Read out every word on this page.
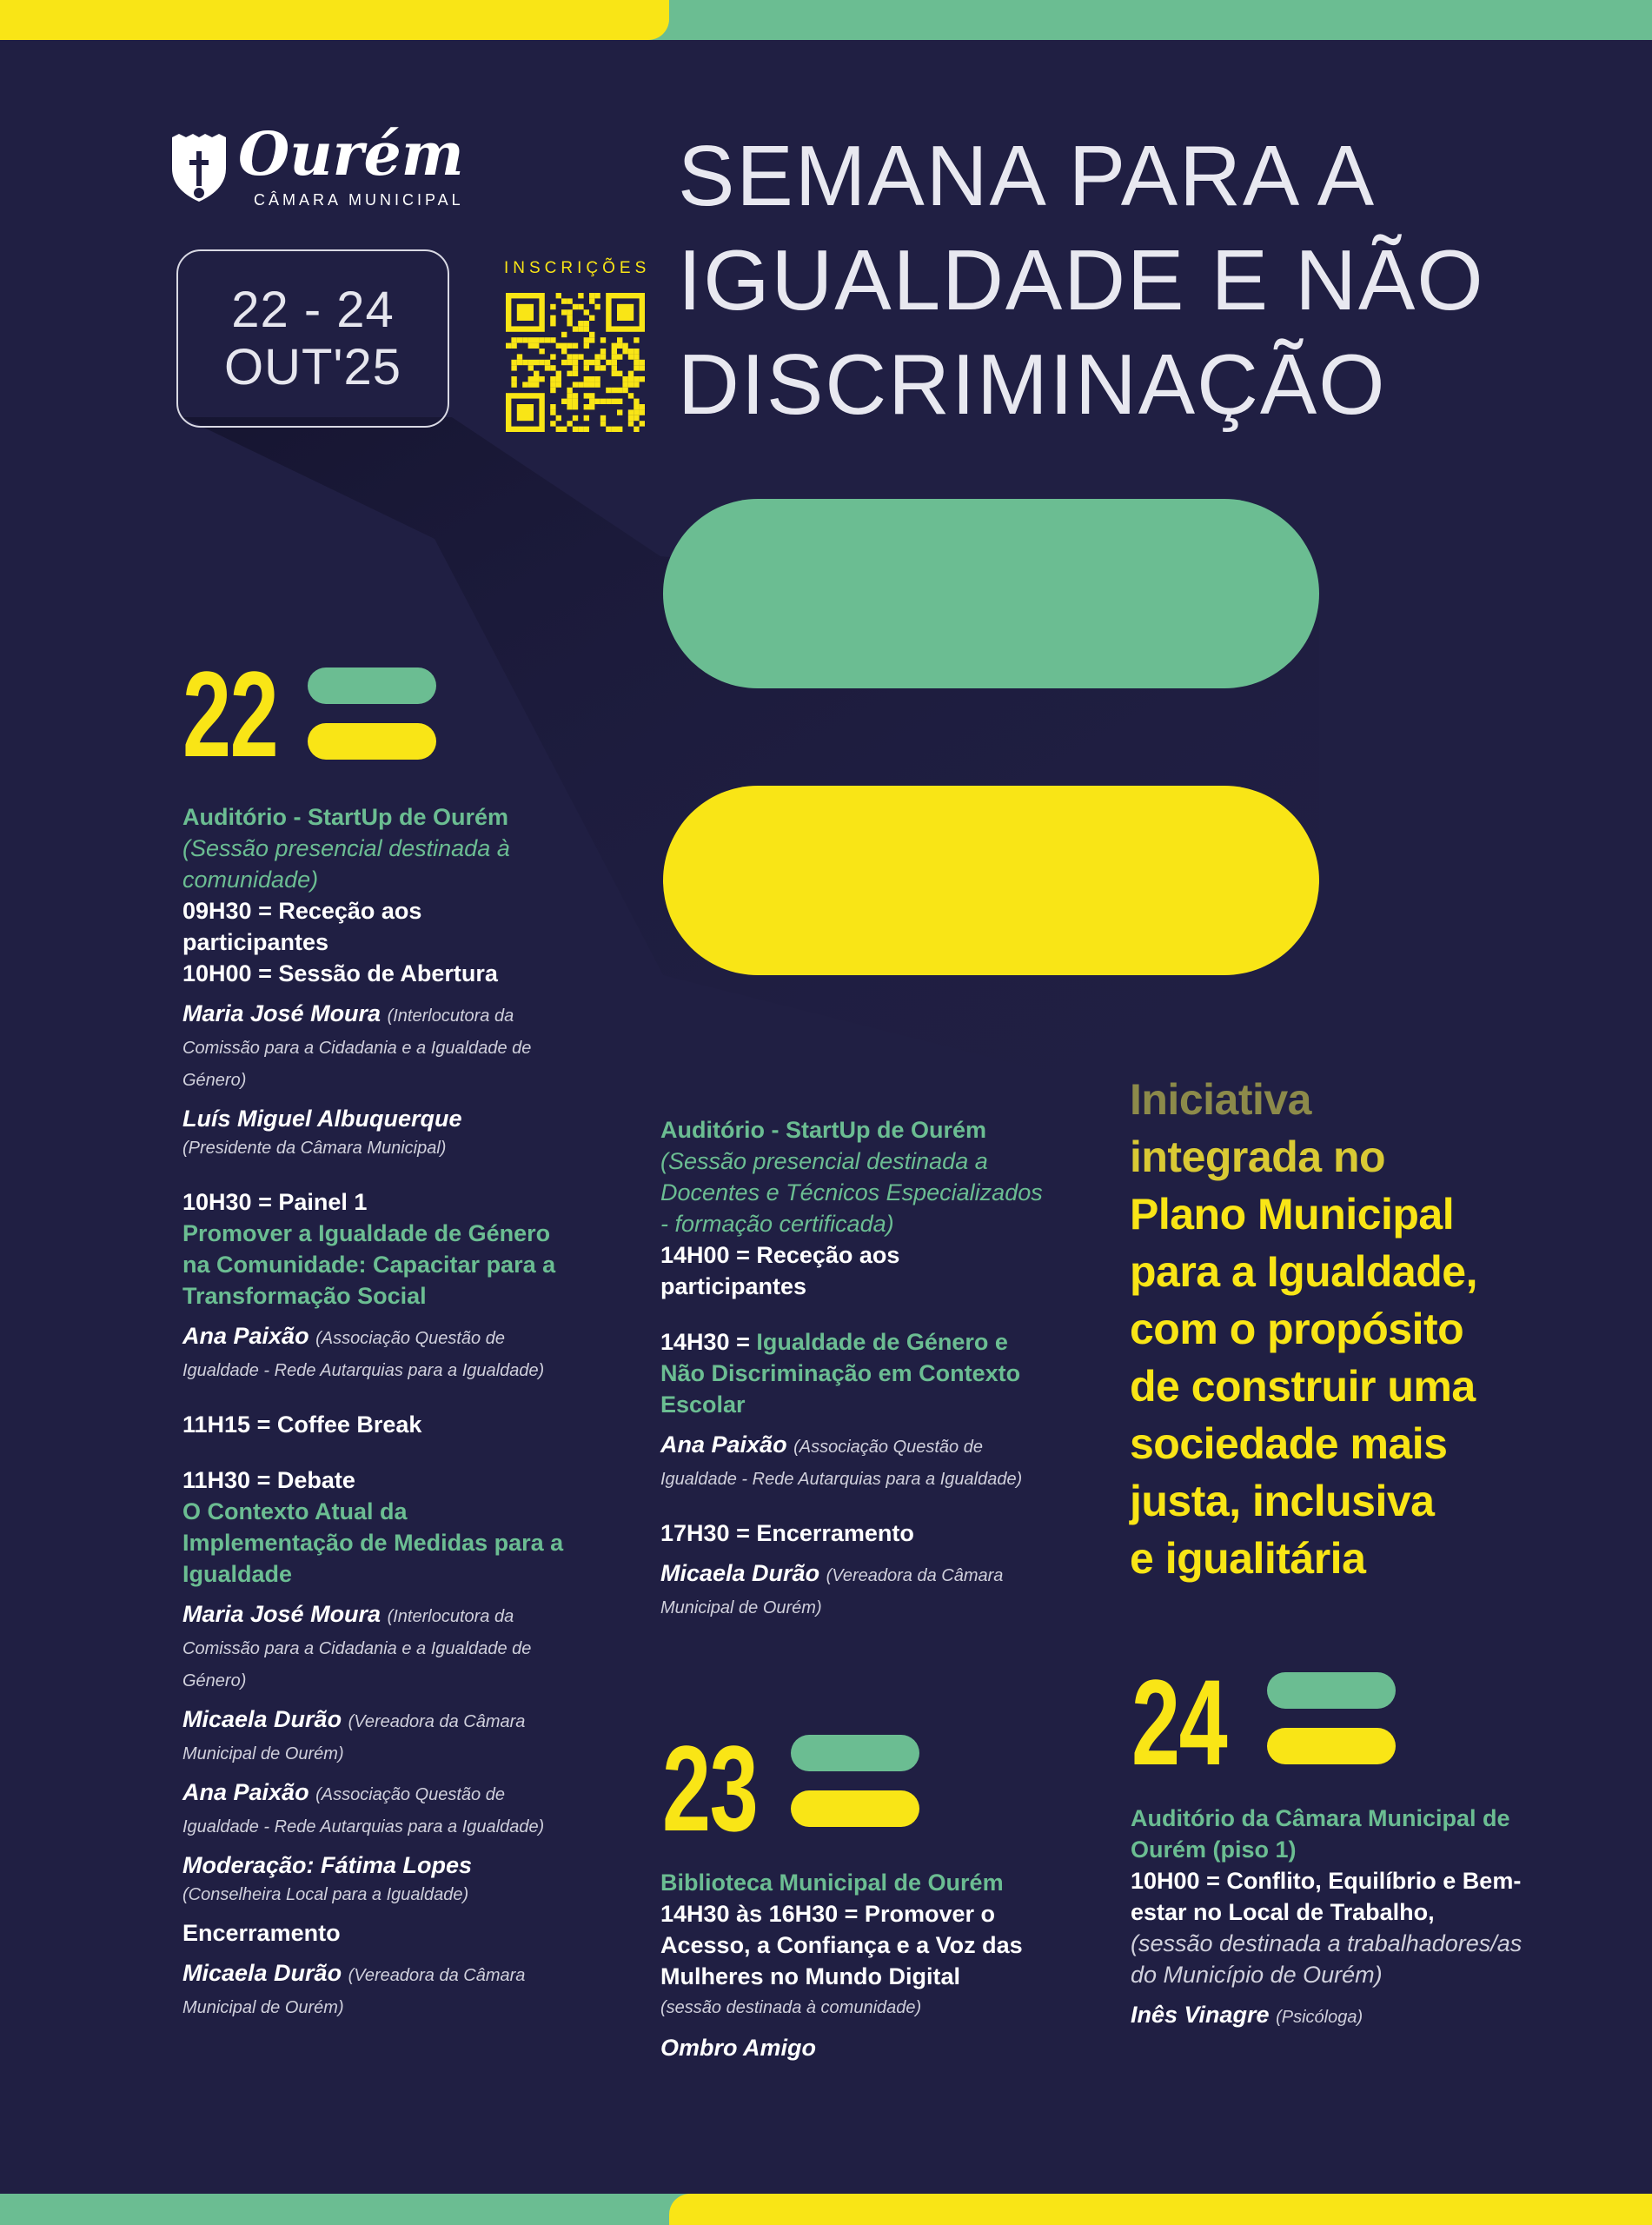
Ourém
CÂMARA MUNICIPAL
22 - 24
OUT'25
INSCRIÇÕES
SEMANA PARA A
IGUALDADE E NÃO
DISCRIMINAÇÃO
22

Auditório - StartUp de Ourém

(Sessão presencial destinada à comunidade)

09H30 = Receção aos participantes

10H00 = Sessão de Abertura

Maria José Moura (Interlocutora da Comissão para a Cidadania e a Igualdade de Género)
Luís Miguel Albuquerque
(Presidente da Câmara Municipal)

10H30 = Painel 1

Promover a Igualdade de Género na Comunidade: Capacitar para a Transformação Social

Ana Paixão (Associação Questão de Igualdade - Rede Autarquias para a Igualdade)

11H15 = Coffee Break

11H30 = Debate

O Contexto Atual da Implementação de Medidas para a Igualdade

Maria José Moura (Interlocutora da Comissão para a Cidadania e a Igualdade de Género)
Micaela Durão (Vereadora da Câmara Municipal de Ourém)
Ana Paixão (Associação Questão de Igualdade - Rede Autarquias para a Igualdade)
Moderação: Fátima Lopes
(Conselheira Local para a Igualdade)

Encerramento

Micaela Durão (Vereadora da Câmara Municipal de Ourém)

Auditório - StartUp de Ourém

(Sessão presencial destinada a Docentes e Técnicos Especializados - formação certificada)

14H00 = Receção aos participantes

14H30 = Igualdade de Género e Não Discriminação em Contexto Escolar

Ana Paixão (Associação Questão de Igualdade - Rede Autarquias para a Igualdade)

17H30 = Encerramento

Micaela Durão (Vereadora da Câmara Municipal de Ourém)
23

Biblioteca Municipal de Ourém

14H30 às 16H30 = Promover o Acesso, a Confiança e a Voz das Mulheres no Mundo Digital

(sessão destinada à comunidade)

Ombro Amigo

Iniciativa

integrada no

Plano Municipal

para a Igualdade,

com o propósito

de construir uma

sociedade mais

justa, inclusiva

e igualitária

24

Auditório da Câmara Municipal de Ourém (piso 1)

10H00 = Conflito, Equilíbrio e Bem-estar no Local de Trabalho,

(sessão destinada a trabalhadores/as do Município de Ourém)

Inês Vinagre (Psicóloga)
